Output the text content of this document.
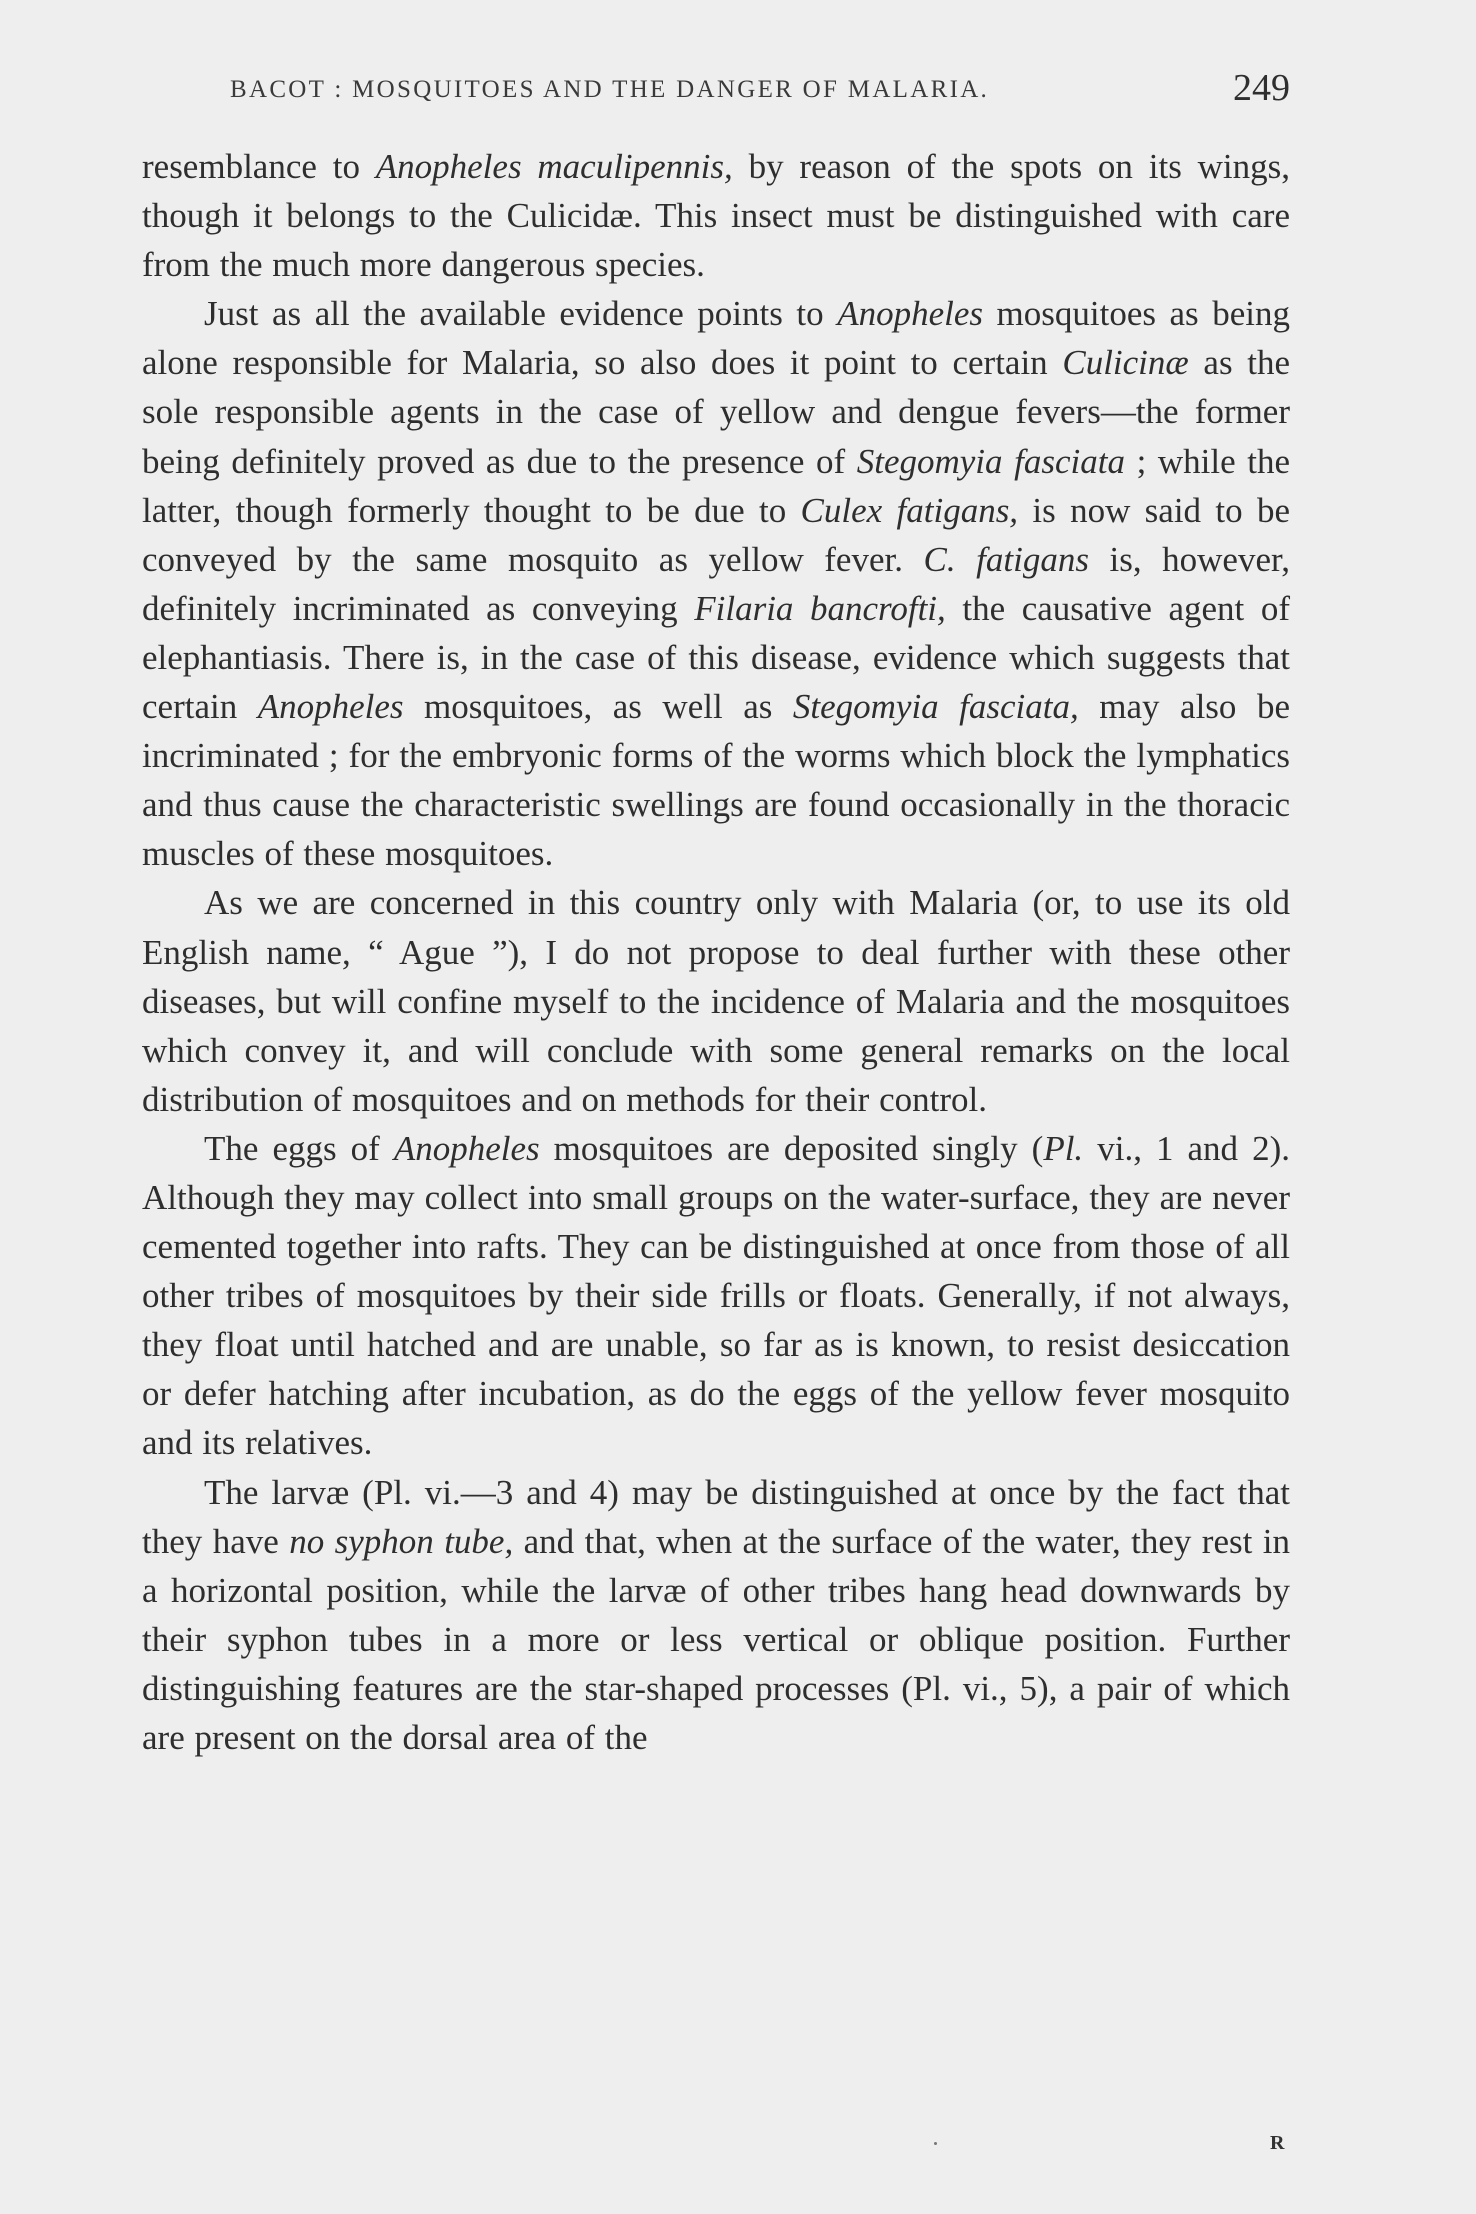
BACOT : MOSQUITOES AND THE DANGER OF MALARIA.	249

resemblance to Anopheles maculipennis, by reason of the spots on its wings, though it belongs to the Culicidæ. This insect must be distinguished with care from the much more dangerous species.

Just as all the available evidence points to Anopheles mosquitoes as being alone responsible for Malaria, so also does it point to certain Culicinæ as the sole responsible agents in the case of yellow and dengue fevers—the former being definitely proved as due to the presence of Stegomyia fasciata ; while the latter, though formerly thought to be due to Culex fatigans, is now said to be conveyed by the same mosquito as yellow fever. C. fatigans is, however, definitely incriminated as conveying Filaria bancrofti, the causative agent of elephantiasis. There is, in the case of this disease, evidence which suggests that certain Anopheles mosquitoes, as well as Stegomyia fasciata, may also be incriminated ; for the embryonic forms of the worms which block the lymphatics and thus cause the characteristic swellings are found occasionally in the thoracic muscles of these mosquitoes.

As we are concerned in this country only with Malaria (or, to use its old English name, “ Ague ”), I do not propose to deal further with these other diseases, but will confine myself to the incidence of Malaria and the mosquitoes which convey it, and will conclude with some general remarks on the local distribution of mosquitoes and on methods for their control.

The eggs of Anopheles mosquitoes are deposited singly (Pl. vi., 1 and 2). Although they may collect into small groups on the water-surface, they are never cemented together into rafts. They can be distinguished at once from those of all other tribes of mosquitoes by their side frills or floats. Generally, if not always, they float until hatched and are unable, so far as is known, to resist desiccation or defer hatching after incubation, as do the eggs of the yellow fever mosquito and its relatives.

The larvæ (Pl. vi.—3 and 4) may be distinguished at once by the fact that they have no syphon tube, and that, when at the surface of the water, they rest in a horizontal position, while the larvæ of other tribes hang head downwards by their syphon tubes in a more or less vertical or oblique position. Further distinguishing features are the star-shaped processes (Pl. vi., 5), a pair of which are present on the dorsal area of the

R
